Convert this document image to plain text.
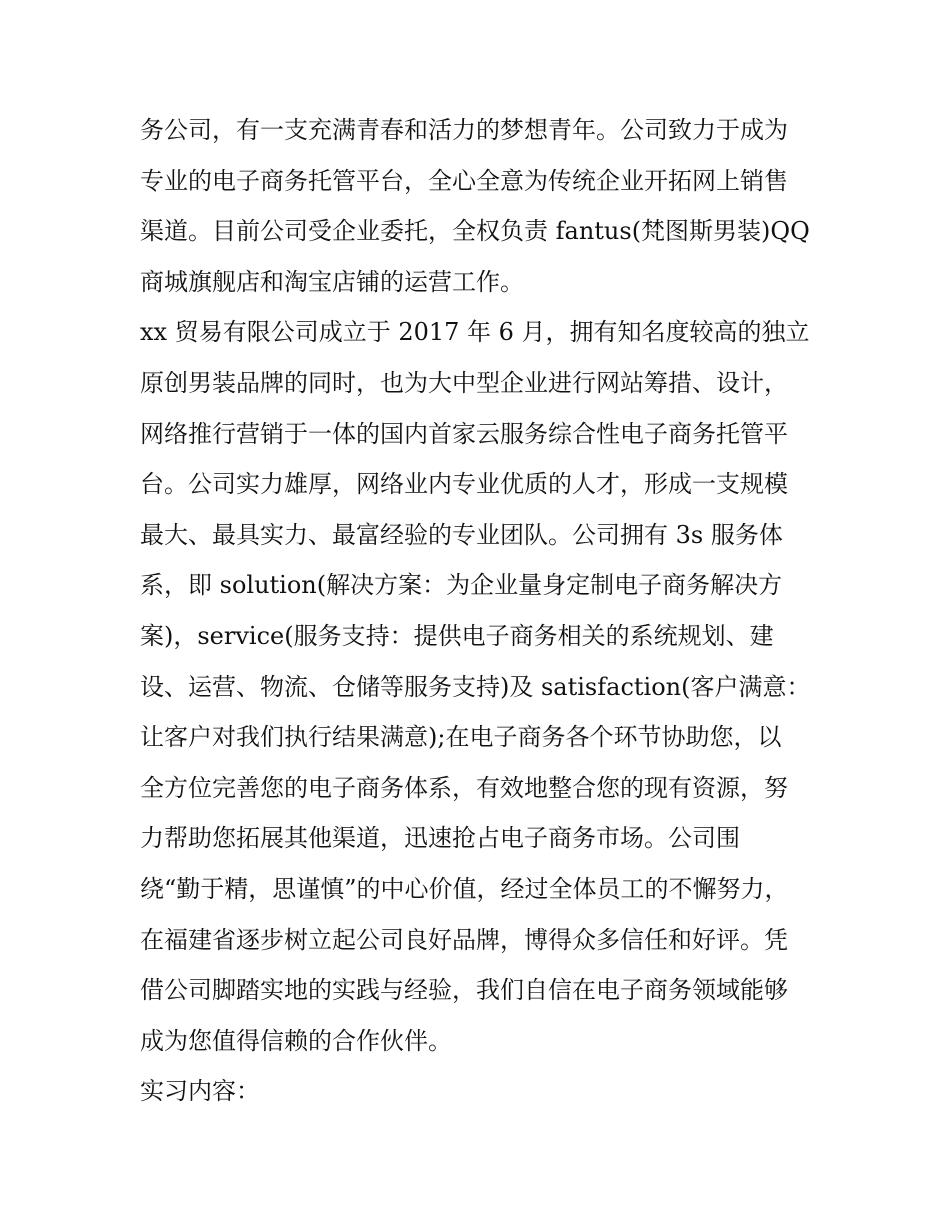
务公司，有一支充满青春和活力的梦想青年。公司致力于成为

专业的电子商务托管平台，全心全意为传统企业开拓网上销售

渠道。目前公司受企业委托，全权负责 fantus(梵图斯男装)QQ

商城旗舰店和淘宝店铺的运营工作。

xx 贸易有限公司成立于 2017 年 6 月，拥有知名度较高的独立

原创男装品牌的同时，也为大中型企业进行网站筹措、设计，

网络推行营销于一体的国内首家云服务综合性电子商务托管平

台。公司实力雄厚，网络业内专业优质的人才，形成一支规模

最大、最具实力、最富经验的专业团队。公司拥有 3s 服务体

系，即 solution(解决方案：为企业量身定制电子商务解决方

案)，service(服务支持：提供电子商务相关的系统规划、建

设、运营、物流、仓储等服务支持)及 satisfaction(客户满意：

让客户对我们执行结果满意);在电子商务各个环节协助您，以

全方位完善您的电子商务体系，有效地整合您的现有资源，努

力帮助您拓展其他渠道，迅速抢占电子商务市场。公司围

绕“勤于精，思谨慎”的中心价值，经过全体员工的不懈努力，

在福建省逐步树立起公司良好品牌，博得众多信任和好评。凭

借公司脚踏实地的实践与经验，我们自信在电子商务领域能够

成为您值得信赖的合作伙伴。

实习内容：
